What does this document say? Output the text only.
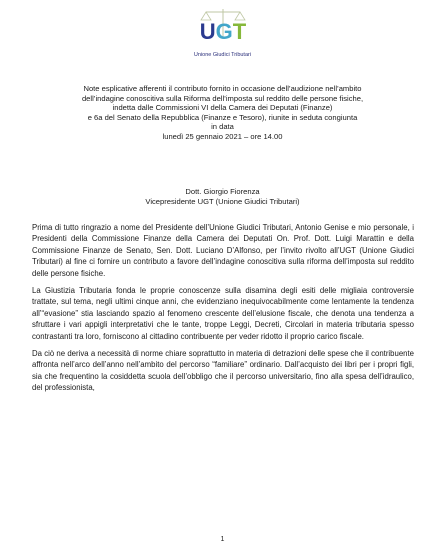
UGT
Unione Giudici Tributari
Note esplicative afferenti il contributo fornito in occasione dell’audizione nell’ambito
dell’indagine conoscitiva sulla Riforma dell’imposta sul reddito delle persone fisiche,
indetta dalle Commissioni VI della Camera dei Deputati (Finanze)
e 6a del Senato della Repubblica (Finanze e Tesoro), riunite in seduta congiunta
in data
lunedì 25 gennaio 2021 – ore 14.00
Dott. Giorgio Fiorenza
Vicepresidente UGT (Unione Giudici Tributari)

Prima di tutto ringrazio a nome del Presidente dell’Unione Giudici Tributari, Antonio Genise e mio personale, i Presidenti della Commissione Finanze della Camera dei Deputati On. Prof. Dott. Luigi Marattin e della Commissione Finanze de Senato, Sen. Dott. Luciano D’Alfonso, per l’invito rivolto all’UGT (Unione Giudici Tributari) al fine ci fornire un contributo a favore dell’indagine conoscitiva sulla riforma dell’imposta sul reddito delle persone fisiche.

La Giustizia Tributaria fonda le proprie conoscenze sulla disamina degli esiti delle migliaia controversie trattate, sul tema, negli ultimi cinque anni, che evidenziano inequivocabilmente come lentamente la tendenza all’“evasione” stia lasciando spazio al fenomeno crescente dell’elusione fiscale, che denota una tendenza a sfruttare i vari appigli interpretativi che le tante, troppe Leggi, Decreti, Circolari in materia tributaria spesso contrastanti tra loro, forniscono al cittadino contribuente per veder ridotto il proprio carico fiscale.

Da ciò ne deriva a necessità di norme chiare soprattutto in materia di detrazioni delle spese che il contribuente affronta nell’arco dell’anno nell’ambito del percorso “familiare” ordinario. Dall’acquisto dei libri per i propri figli, sia che frequentino la cosiddetta scuola dell’obbligo che il percorso universitario, fino alla spesa dell’idraulico, del professionista,

1
